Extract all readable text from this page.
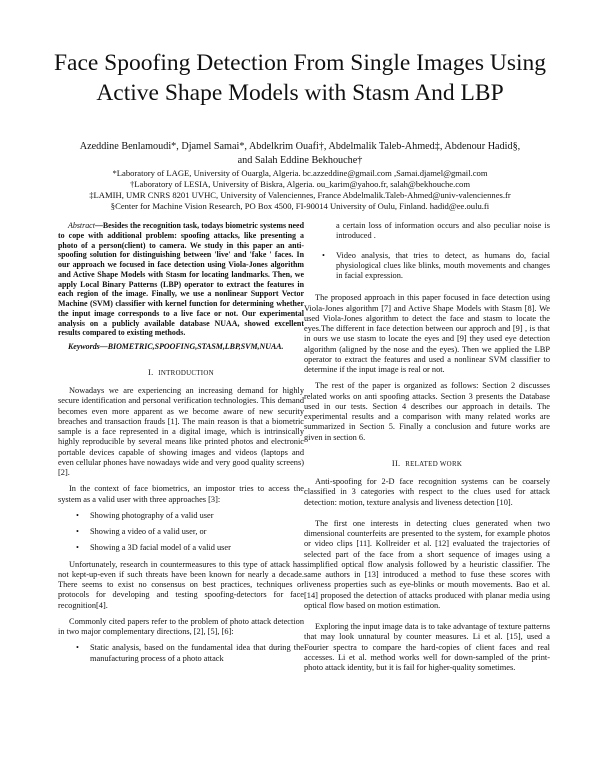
Face Spoofing Detection From Single Images Using
Active Shape Models with Stasm And LBP
Azeddine Benlamoudi*, Djamel Samai*, Abdelkrim Ouafi†, Abdelmalik Taleb-Ahmed‡, Abdenour Hadid§,
and Salah Eddine Bekhouche†
*Laboratory of LAGE, University of Ouargla, Algeria. bc.azzeddine@gmail.com ,Samai.djamel@gmail.com
†Laboratory of LESIA, University of Biskra, Algeria. ou_karim@yahoo.fr, salah@bekhouche.com
‡LAMIH, UMR CNRS 8201 UVHC, University of Valenciennes, France Abdelmalik.Taleb-Ahmed@univ-valenciennes.fr
§Center for Machine Vision Research, PO Box 4500, FI-90014 University of Oulu, Finland. hadid@ee.oulu.fi

Abstract—Besides the recognition task, todays biometric systems need to cope with additional problem: spoofing attacks, like presenting a photo of a person(client) to camera. We study in this paper an anti-spoofing solution for distinguishing between 'live' and 'fake ' faces. In our approach we focused in face detection using Viola-Jones algorithm and Active Shape Models with Stasm for locating landmarks. Then, we apply Local Binary Patterns (LBP) operator to extract the features in each region of the image. Finally, we use a nonlinear Support Vector Machine (SVM) classifier with kernel function for determining whether the input image corresponds to a live face or not. Our experimental analysis on a publicly available database NUAA, showed excellent results compared to existing methods.

Keywords—BIOMETRIC,SPOOFING,STASM,LBP,SVM,NUAA.

I. INTRODUCTION

Nowadays we are experiencing an increasing demand for highly secure identification and personal verification technologies. This demand becomes even more apparent as we become aware of new security breaches and transaction frauds [1]. The main reason is that a biometric sample is a face represented in a digital image, which is intrinsically highly reproducible by several means like printed photos and electronic portable devices capable of showing images and videos (laptops and even cellular phones have nowadays wide and very good quality screens) [2].

In the context of face biometrics, an impostor tries to access the system as a valid user with three approaches [3]:

• Showing photography of a valid user
• Showing a video of a valid user, or
• Showing a 3D facial model of a valid user

Unfortunately, research in countermeasures to this type of attack has not kept-up-even if such threats have been known for nearly a decade. There seems to exist no consensus on best practices, techniques or protocols for developing and testing spoofing-detectors for face recognition[4].

Commonly cited papers refer to the problem of photo attack detection in two major complementary directions, [2], [5], [6]:

• Static analysis, based on the fundamental idea that during the manufacturing process of a photo attack

a certain loss of information occurs and also peculiar noise is introduced .

• Video analysis, that tries to detect, as humans do, facial physiological clues like blinks, mouth movements and changes in facial expression.

The proposed approach in this paper focused in face detection using Viola-Jones algorithm [7] and Active Shape Models with Stasm [8]. We used Viola-Jones algorithm to detect the face and stasm to locate the eyes.The different in face detection between our approch and [9] , is that in ours we use stasm to locate the eyes and [9] they used eye detection algorithm (aligned by the nose and the eyes). Then we applied the LBP operator to extract the features and used a nonlinear SVM classifier to determine if the input image is real or not.

The rest of the paper is organized as follows: Section 2 discusses related works on anti spoofing attacks. Section 3 presents the Database used in our tests. Section 4 describes our approach in details. The experimental results and a comparison with many related works are summarized in Section 5. Finally a conclusion and future works are given in section 6.

II. RELATED WORK

Anti-spoofing for 2-D face recognition systems can be coarsely classified in 3 categories with respect to the clues used for attack detection: motion, texture analysis and liveness detection [10].

The first one interests in detecting clues generated when two dimensional counterfeits are presented to the system, for example photos or video clips [11]. Kollreider et al. [12] evaluated the trajectories of selected part of the face from a short sequence of images using a simplified optical flow analysis followed by a heuristic classifier. The same authors in [13] introduced a method to fuse these scores with liveness properties such as eye-blinks or mouth movements. Bao et al. [14] proposed the detection of attacks produced with planar media using optical flow based on motion estimation.

Exploring the input image data is to take advantage of texture patterns that may look unnatural by counter measures. Li et al. [15], used a Fourier spectra to compare the hard-copies of client faces and real accesses. Li et al. method works well for down-sampled of the print-photo attack identity, but it is fail for higher-quality sometimes.
